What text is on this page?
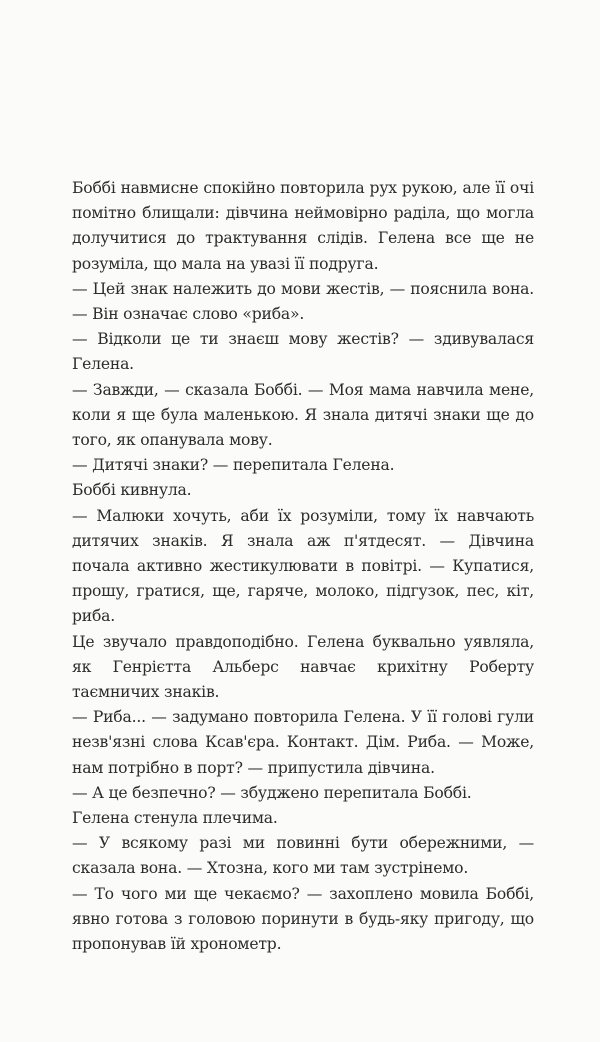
Боббі навмисне спокійно повторила рух рукою, але її очі помітно блищали: дівчина неймовірно раділа, що могла долучитися до трактування слідів. Гелена все ще не розуміла, що мала на увазі її подруга.

— Цей знак належить до мови жестів, — пояснила вона. — Він означає слово «риба».

— Відколи це ти знаєш мову жестів? — здивувалася Гелена.

— Завжди, — сказала Боббі. — Моя мама навчила мене, коли я ще була маленькою. Я знала дитячі знаки ще до того, як опанувала мову.

— Дитячі знаки? — перепитала Гелена.

Боббі кивнула.

— Малюки хочуть, аби їх розуміли, тому їх навчають дитячих знаків. Я знала аж п'ятдесят. — Дівчина почала активно жестикулювати в повітрі. — Купатися, прошу, гратися, ще, гаряче, молоко, підгузок, пес, кіт, риба.

Це звучало правдоподібно. Гелена буквально уявляла, як Генрієтта Альберс навчає крихітну Роберту таємничих знаків.

— Риба... — задумано повторила Гелена. У її голові гули незв'язні слова Ксав'єра. Контакт. Дім. Риба. — Може, нам потрібно в порт? — припустила дівчина.

— А це безпечно? — збуджено перепитала Боббі.

Гелена стенула плечима.

— У всякому разі ми повинні бути обережними, — сказала вона. — Хтозна, кого ми там зустрінемо.

— То чого ми ще чекаємо? — захоплено мовила Боббі, явно готова з головою поринути в будь-яку пригоду, що пропонував їй хронометр.
